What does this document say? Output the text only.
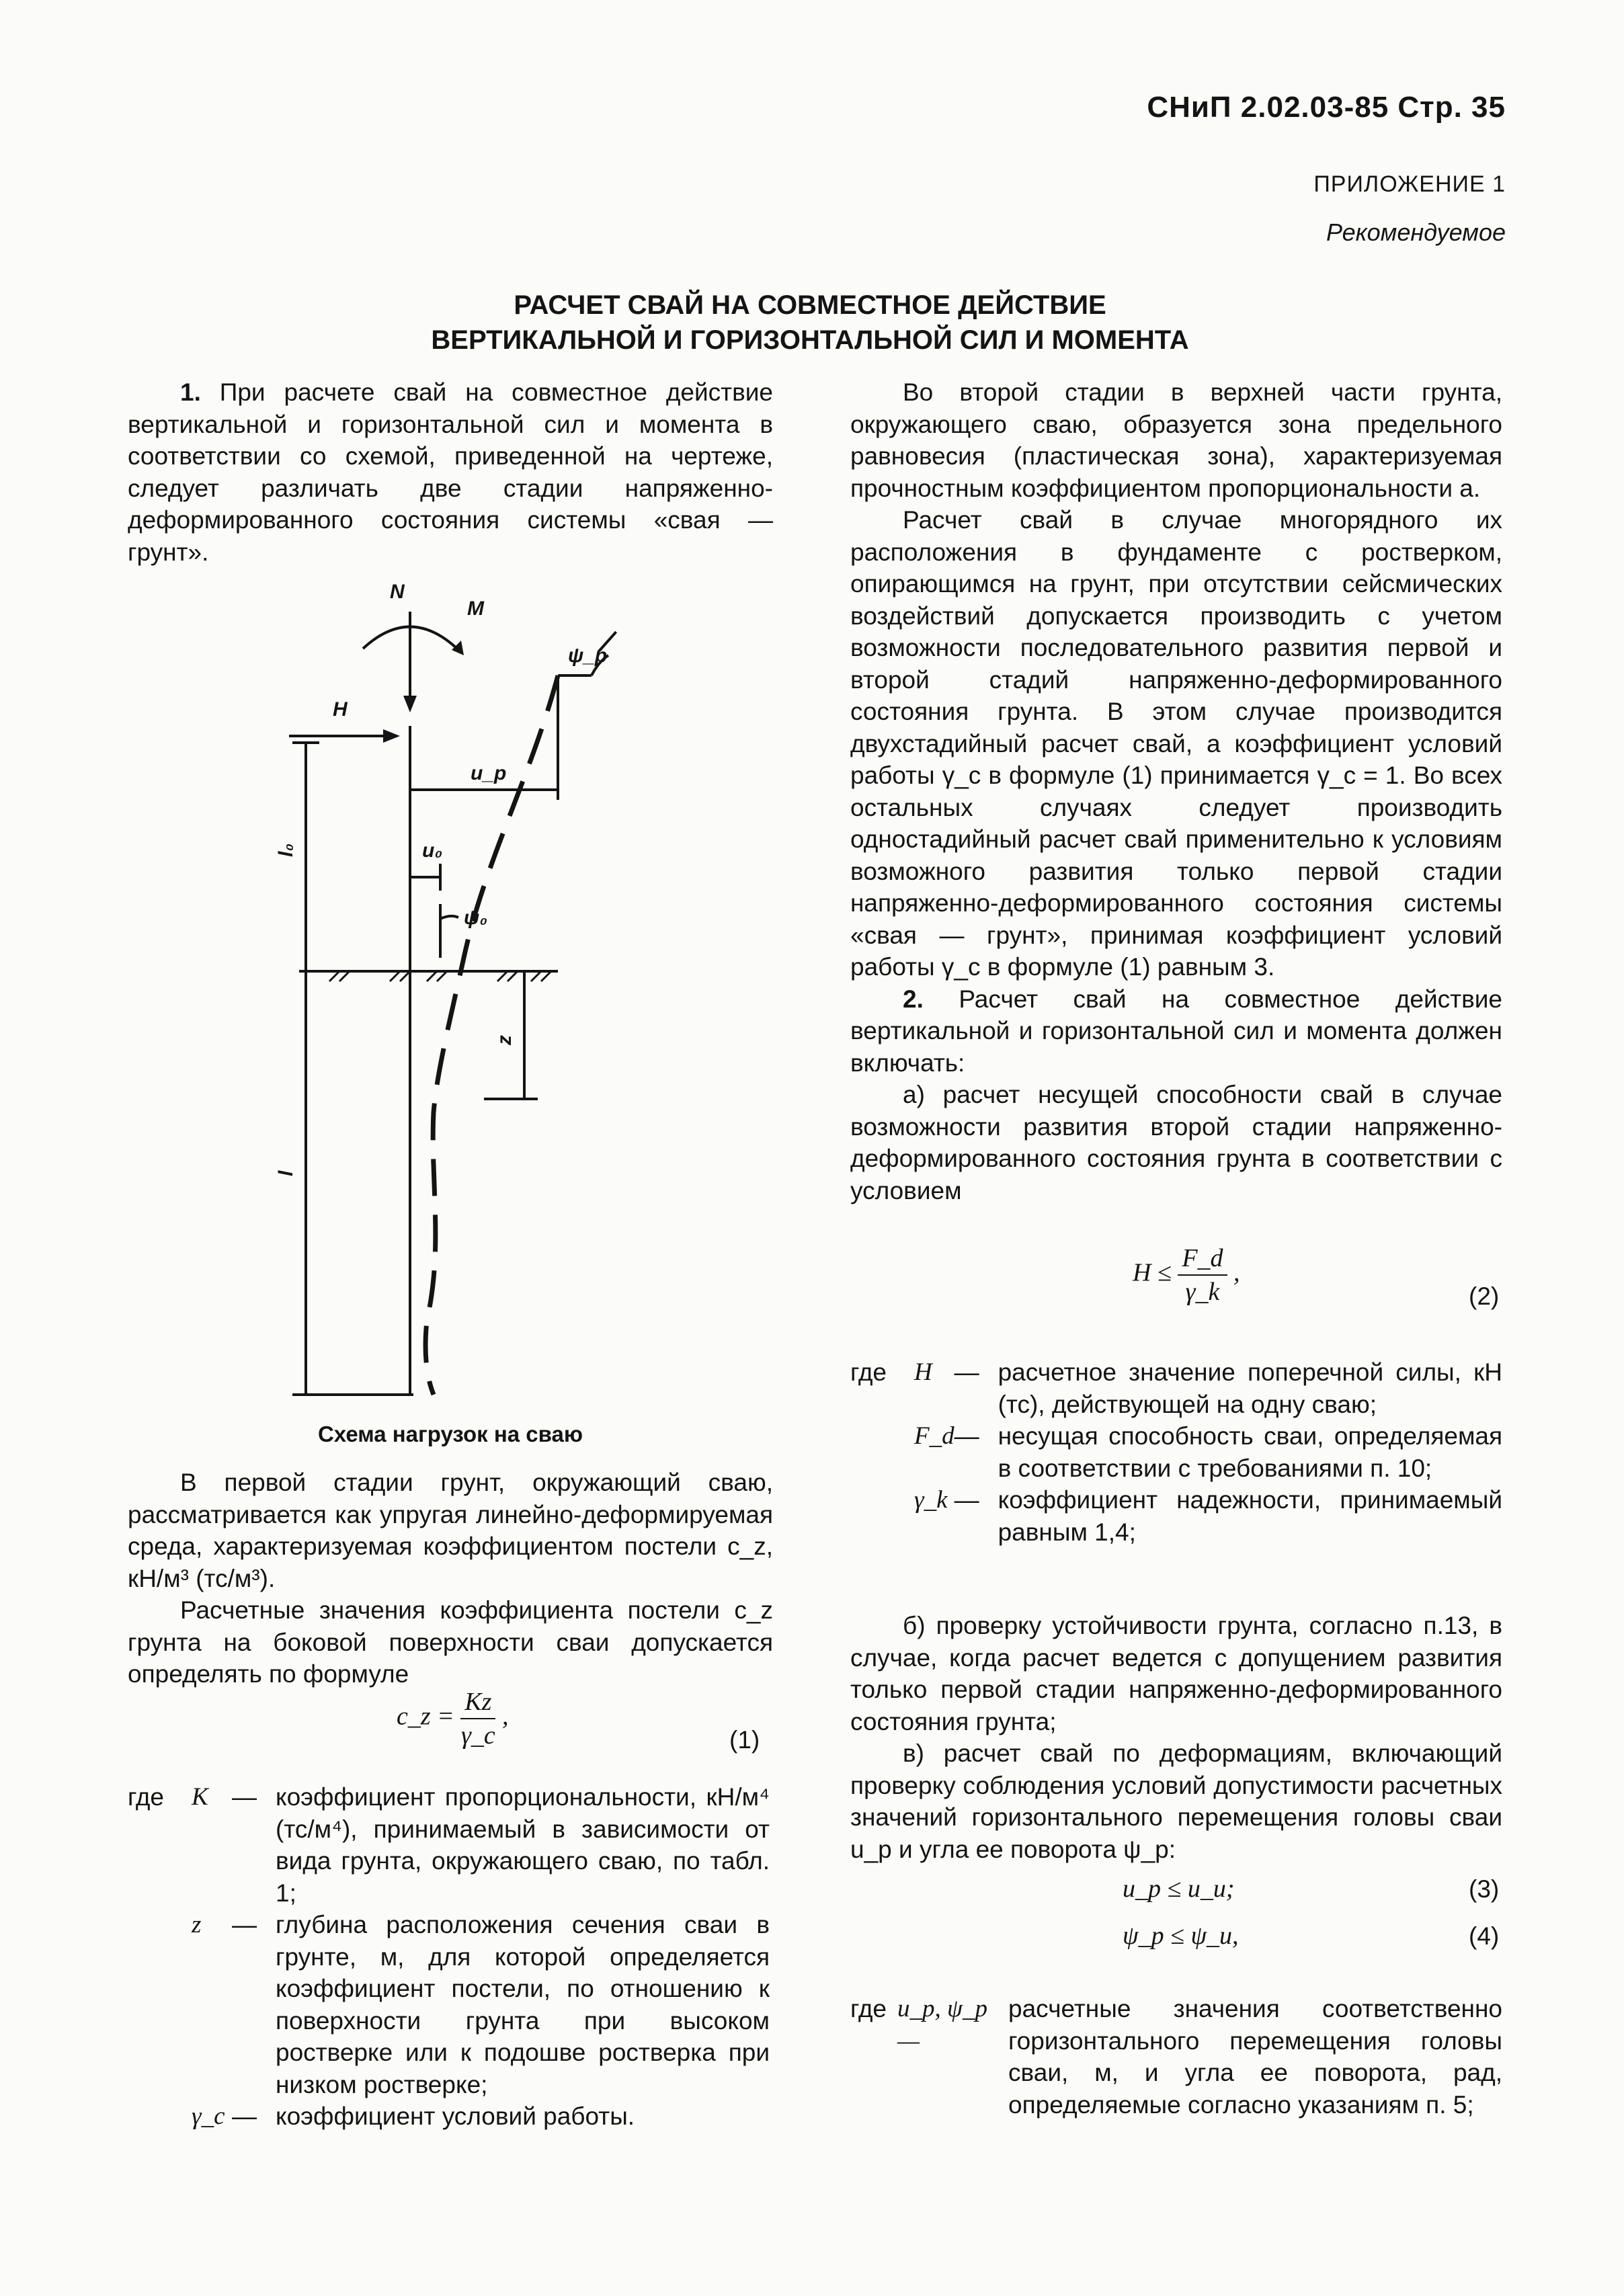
СНиП 2.02.03-85 Стр. 35
ПРИЛОЖЕНИЕ 1
Рекомендуемое
РАСЧЕТ СВАЙ НА СОВМЕСТНОЕ ДЕЙСТВИЕ
ВЕРТИКАЛЬНОЙ И ГОРИЗОНТАЛЬНОЙ СИЛ И МОМЕНТА

1. При расчете свай на совместное действие вертикальной и горизонтальной сил и момента в соответствии со схемой, приведенной на чертеже, следует различать две стадии напряженно-деформированного состояния системы «свая — грунт».

N
M
H
u_p
ψ_p
u₀
ψ₀
l₀
l
z
Схема нагрузок на сваю

В первой стадии грунт, окружающий сваю, рассматривается как упругая линейно-деформируемая среда, характеризуемая коэффициентом постели c_z, кН/м³ (тс/м³).

Расчетные значения коэффициента постели c_z грунта на боковой поверхности сваи допускается определять по формуле

c_z = $\frac{Kz}{\gamma\_c}$ ,
(1)
где	K	—	коэффициент пропорциональности, кН/м⁴ (тс/м⁴), принимаемый в зависимости от вида грунта, окружающего сваю, по табл. 1;
	z	—	глубина расположения сечения сваи в грунте, м, для которой определяется коэффициент постели, по отношению к поверхности грунта при высоком ростверке или к подошве ростверка при низком ростверке;
	γ_c	—	коэффициент условий работы.

Во второй стадии в верхней части грунта, окружающего сваю, образуется зона предельного равновесия (пластическая зона), характеризуемая прочностным коэффициентом пропорциональности a.

Расчет свай в случае многорядного их расположения в фундаменте с ростверком, опирающимся на грунт, при отсутствии сейсмических воздействий допускается производить с учетом возможности последовательного развития первой и второй стадий напряженно-деформированного состояния грунта. В этом случае производится двухстадийный расчет свай, а коэффициент условий работы γ_c в формуле (1) принимается γ_c = 1. Во всех остальных случаях следует производить одностадийный расчет свай применительно к условиям возможного развития только первой стадии напряженно-деформированного состояния системы «свая — грунт», принимая коэффициент условий работы γ_c в формуле (1) равным 3.

2. Расчет свай на совместное действие вертикальной и горизонтальной сил и момента должен включать:

а) расчет несущей способности свай в случае возможности развития второй стадии напряженно-деформированного состояния грунта в соответствии с условием

$H \le \frac{F\_d}{\gamma\_k}$ ,
(2)
где	H	—	расчетное значение поперечной силы, кН (тс), действующей на одну сваю;
	F_d	—	несущая способность сваи, определяемая в соответствии с требованиями п. 10;
	γ_k	—	коэффициент надежности, принимаемый равным 1,4;

б) проверку устойчивости грунта, согласно п.13, в случае, когда расчет ведется с допущением развития только первой стадии напряженно-деформированного состояния грунта;

в) расчет свай по деформациям, включающий проверку соблюдения условий допустимости расчетных значений горизонтального перемещения головы сваи u_p и угла ее поворота ψ_p:

u_p ≤ u_u;	(3)
ψ_p ≤ ψ_u,	(4)
где	u_p, ψ_p—	расчетные значения соответственно горизонтального перемещения головы сваи, м, и угла ее поворота, рад, определяемые согласно указаниям п. 5;
